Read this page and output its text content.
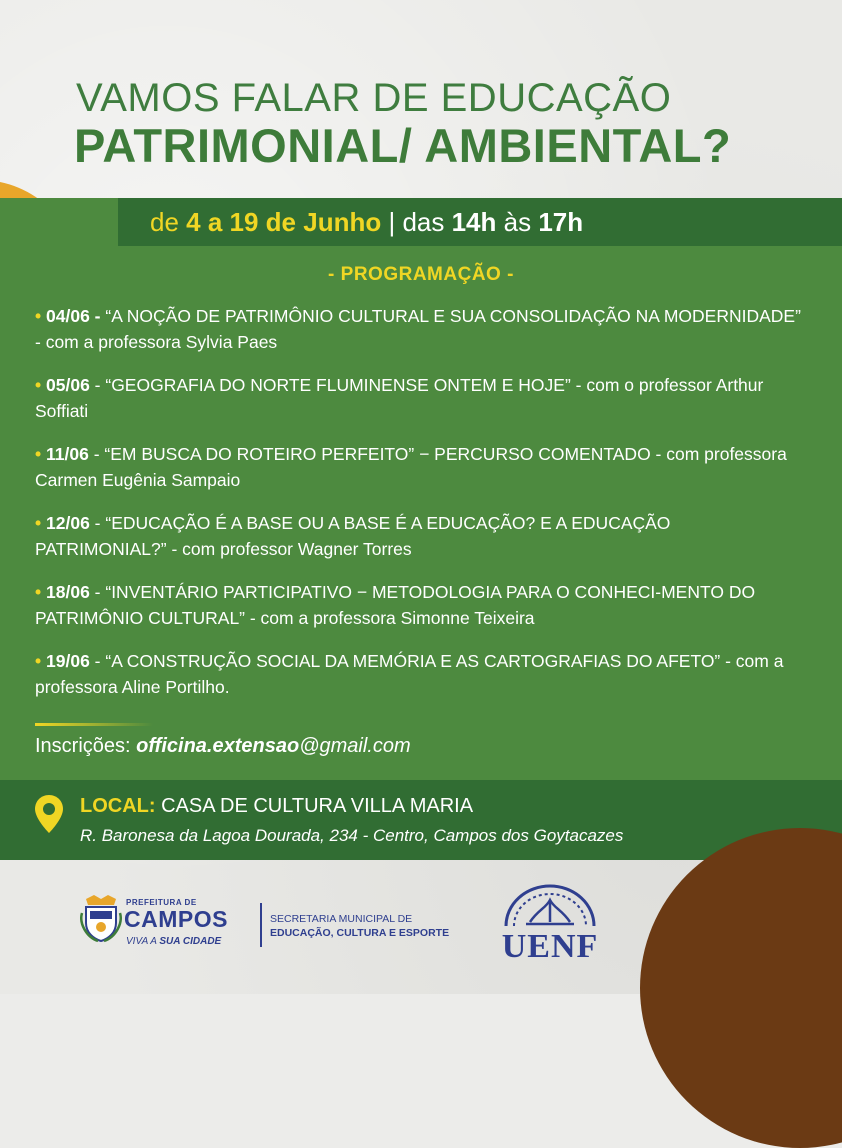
VAMOS FALAR DE EDUCAÇÃO
PATRIMONIAL/ AMBIENTAL?
de 4 a 19 de Junho | das 14h às 17h
- PROGRAMAÇÃO -
• 04/06 - “A NOÇÃO DE PATRIMÔNIO CULTURAL E SUA CONSOLIDAÇÃO NA MODERNIDADE” - com a professora Sylvia Paes
• 05/06 - “GEOGRAFIA DO NORTE FLUMINENSE ONTEM E HOJE” - com o professor Arthur Soffiati
• 11/06 - “EM BUSCA DO ROTEIRO PERFEITO” − PERCURSO COMENTADO - com professora Carmen Eugênia Sampaio
• 12/06 - “EDUCAÇÃO É A BASE OU A BASE É A EDUCAÇÃO? E A EDUCAÇÃO PATRIMONIAL?” - com professor Wagner Torres
• 18/06 - “INVENTÁRIO PARTICIPATIVO − METODOLOGIA PARA O CONHECI-MENTO DO PATRIMÔNIO CULTURAL” - com a professora Simonne Teixeira
• 19/06 - “A CONSTRUÇÃO SOCIAL DA MEMÓRIA E AS CARTOGRAFIAS DO AFETO” - com a professora Aline Portilho.
Inscrições: officina.extensao@gmail.com
LOCAL: CASA DE CULTURA VILLA MARIA
R. Baronesa da Lagoa Dourada, 234 - Centro, Campos dos Goytacazes
PREFEITURA DE
CAMPOS
VIVA A SUA CIDADE
SECRETARIA MUNICIPAL DE
EDUCAÇÃO, CULTURA E ESPORTE UENF
